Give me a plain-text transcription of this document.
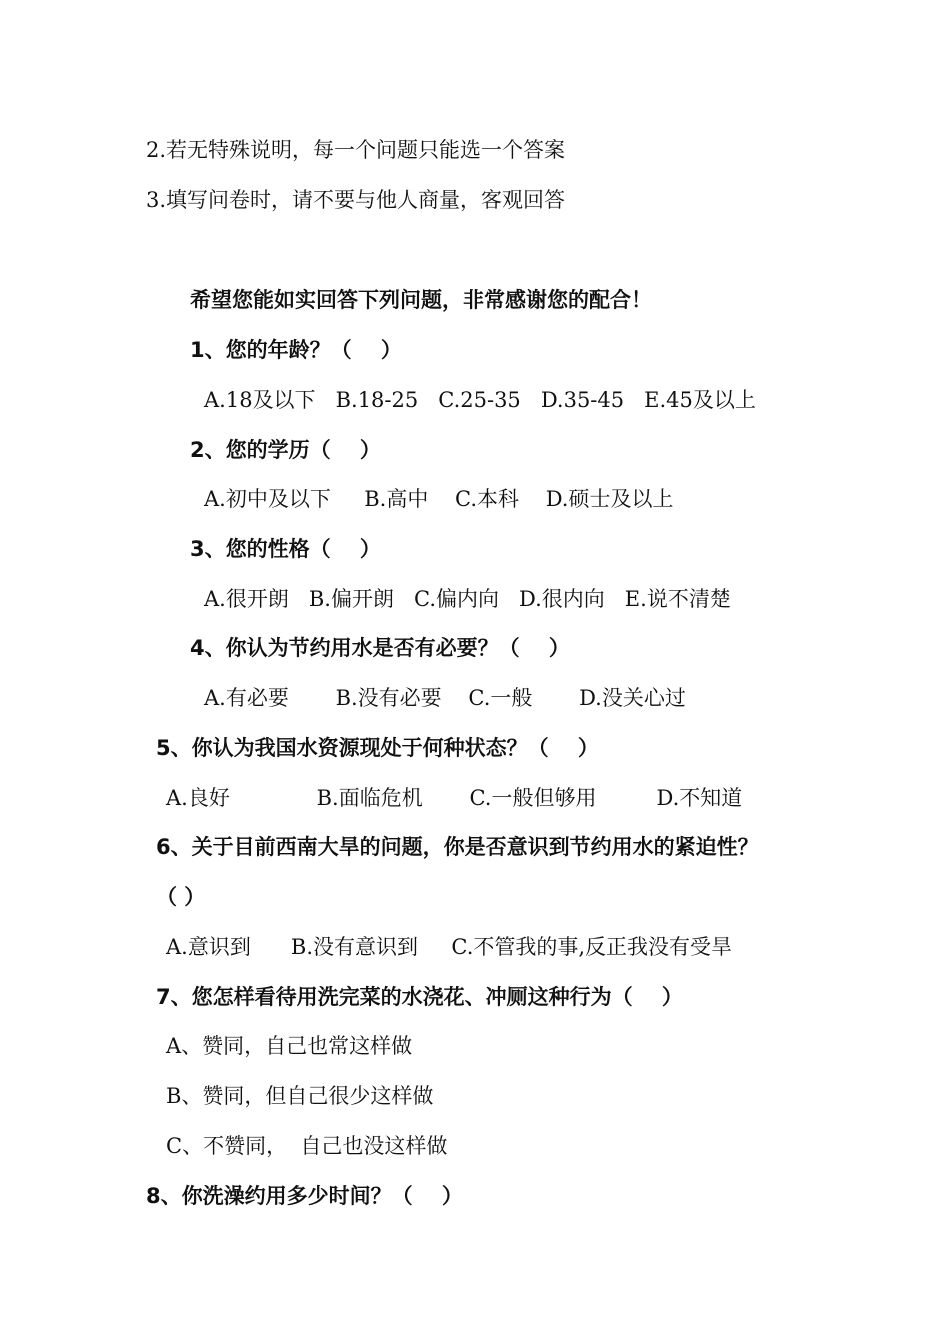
2.若无特殊说明，每一个问题只能选一个答案
3.填写问卷时，请不要与他人商量，客观回答
希望您能如实回答下列问题，非常感谢您的配合！
1、您的年龄？（    ）
A.18及以下   B.18-25   C.25-35   D.35-45   E.45及以上
2、您的学历（    ）
A.初中及以下     B.高中    C.本科    D.硕士及以上
3、您的性格（    ）
A.很开朗   B.偏开朗   C.偏内向   D.很内向   E.说不清楚
4、你认为节约用水是否有必要？（    ）
A.有必要       B.没有必要    C.一般       D.没关心过
5、你认为我国水资源现处于何种状态？（    ）
A.良好             B.面临危机       C.一般但够用         D.不知道
6、关于目前西南大旱的问题，你是否意识到节约用水的紧迫性？
（ ）
A.意识到      B.没有意识到     C.不管我的事,反正我没有受旱
7、您怎样看待用洗完菜的水浇花、冲厕这种行为（    ）
A、赞同，自己也常这样做
B、赞同，但自己很少这样做
C、不赞同，  自己也没这样做
8、你洗澡约用多少时间？（    ）
